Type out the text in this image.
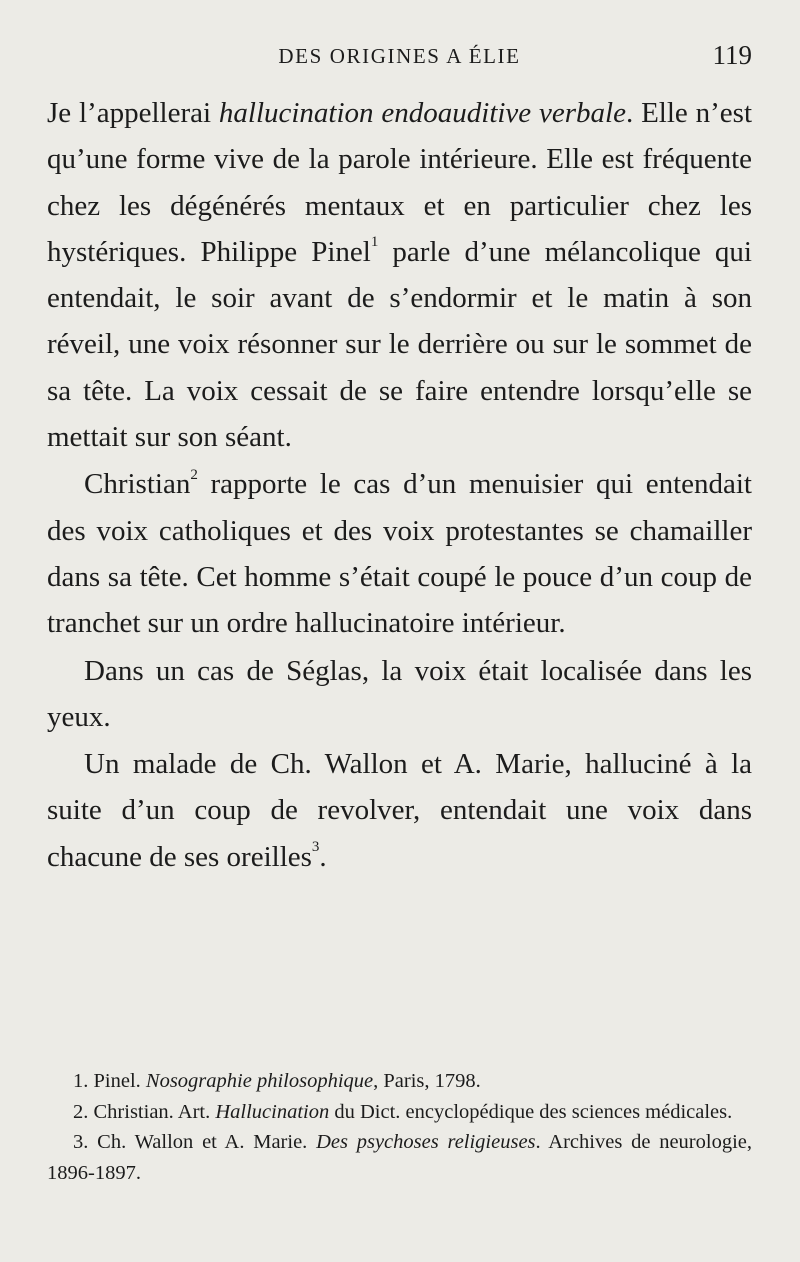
DES ORIGINES A ÉLIE	119

Je l’appellerai hallucination endoauditive verbale. Elle n’est qu’une forme vive de la parole intérieure. Elle est fréquente chez les dégénérés mentaux et en particulier chez les hystériques. Philippe Pinel$^1$ parle d’une mélancolique qui entendait, le soir avant de s’endormir et le matin à son réveil, une voix résonner sur le derrière ou sur le sommet de sa tête. La voix cessait de se faire entendre lorsqu’elle se mettait sur son séant.

Christian$^2$ rapporte le cas d’un menuisier qui entendait des voix catholiques et des voix protestantes se chamailler dans sa tête. Cet homme s’était coupé le pouce d’un coup de tranchet sur un ordre hallucinatoire intérieur.

Dans un cas de Séglas, la voix était localisée dans les yeux.

Un malade de Ch. Wallon et A. Marie, halluciné à la suite d’un coup de revolver, entendait une voix dans chacune de ses oreilles$^3$.

1. Pinel. Nosographie philosophique, Paris, 1798.

2. Christian. Art. Hallucination du Dict. encyclopédique des sciences médicales.

3. Ch. Wallon et A. Marie. Des psychoses religieuses. Archives de neurologie, 1896-1897.
